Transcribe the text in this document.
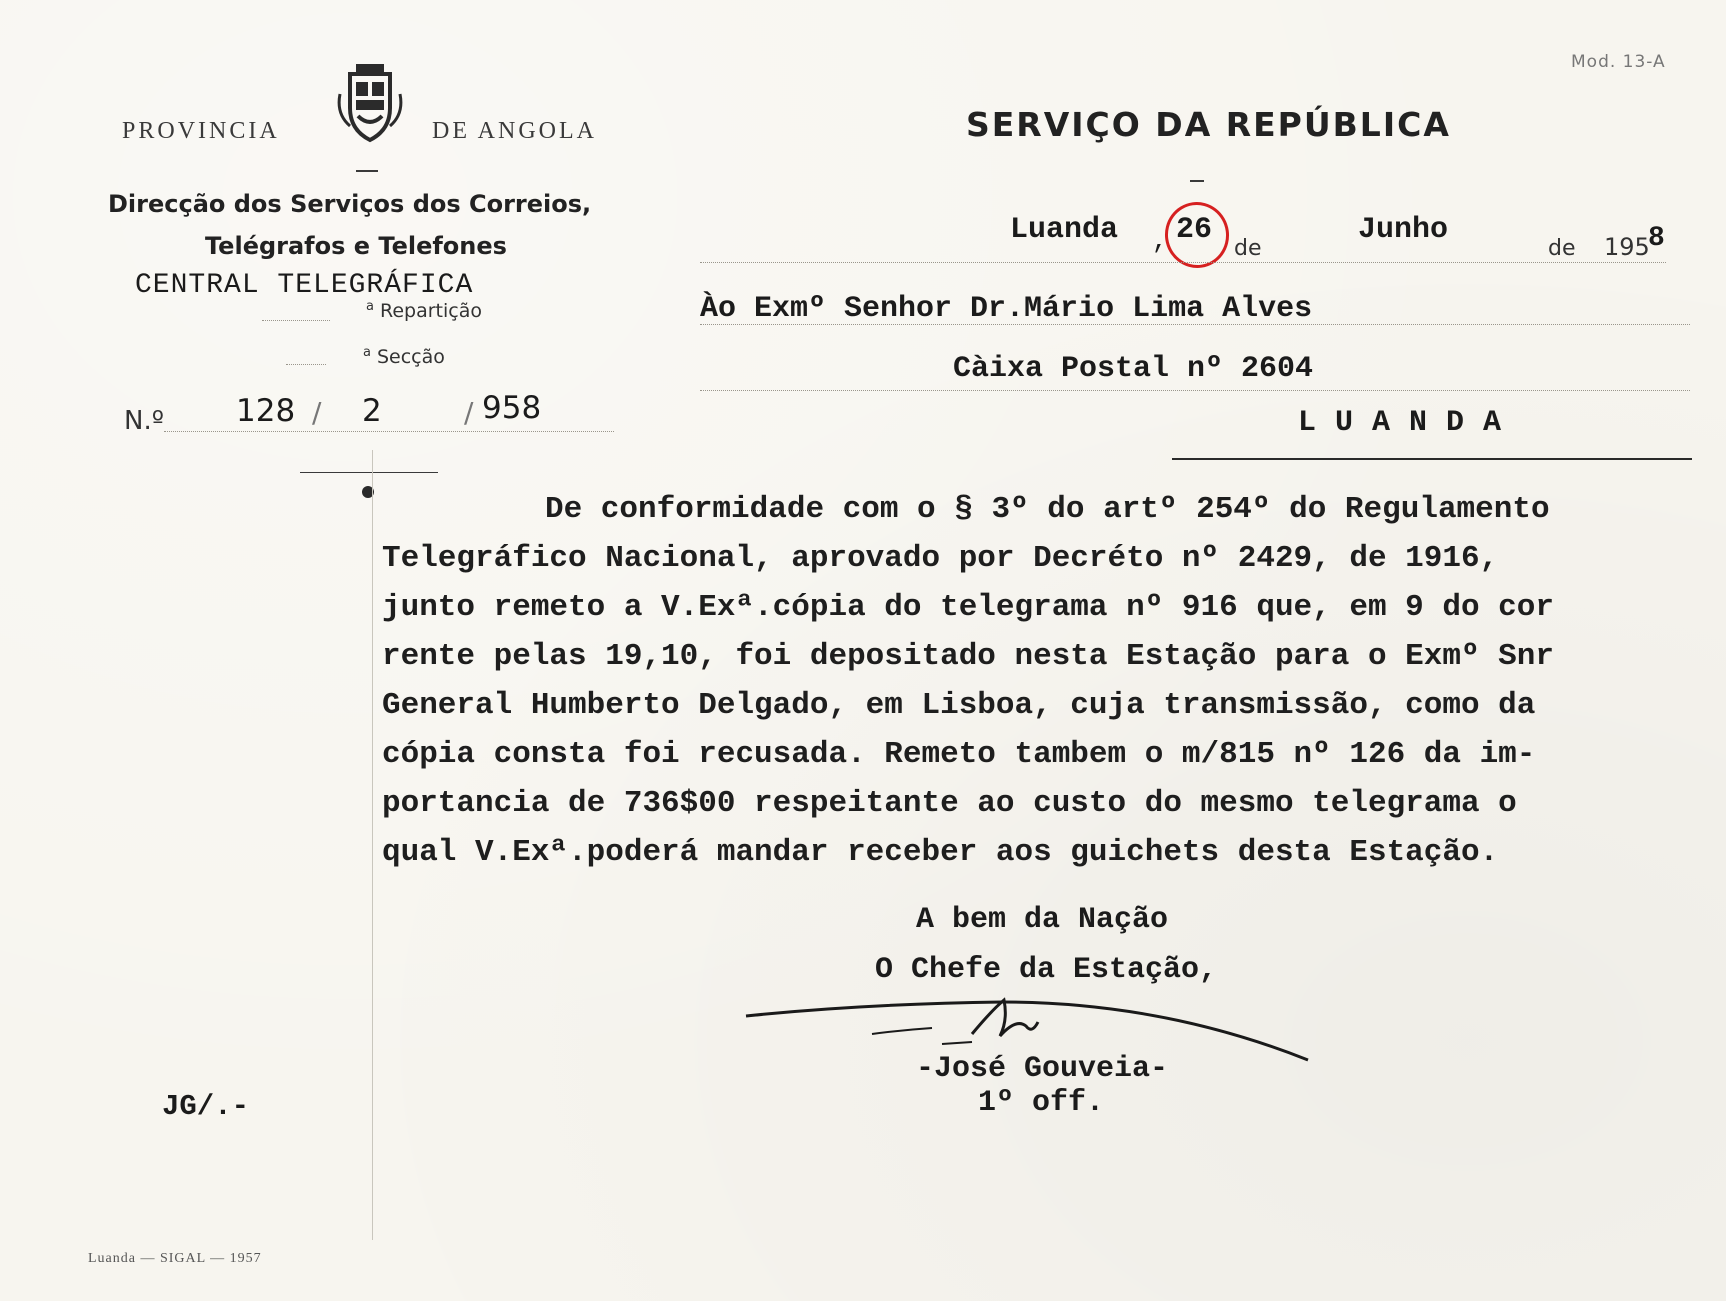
PROVINCIA	DE ANGOLA
Direcção dos Serviços dos Correios,
Telégrafos e Telefones
CENTRAL TELEGRÁFICA
$^a$ Repartição
$^a$ Secção
N.º 128 / 2	/ 958
Mod. 13-A
SERVIÇO DA REPÚBLICA
Luanda , 26
de
Junho
de 195
8
Ào Exmº Senhor Dr.Mário Lima Alves
Càixa Postal nº 2604
LUANDA
De conformidade com o § 3º do artº 254º do Regulamento
Telegráfico Nacional, aprovado por Decréto nº 2429, de 1916,
junto remeto a V.Exª.cópia do telegrama nº 916 que, em 9 do cor
rente pelas 19,10, foi depositado nesta Estação para o Exmº Snr
General Humberto Delgado, em Lisboa, cuja transmissão, como da
cópia consta foi recusada. Remeto tambem o m/815 nº 126 da im-
portancia de 736$00 respeitante ao custo do mesmo telegrama o
qual V.Exª.poderá mandar receber aos guichets desta Estação.
A bem da Nação
O Chefe da Estação,
-José Gouveia-
1º off.
JG/.-
Luanda — SIGAL — 1957
